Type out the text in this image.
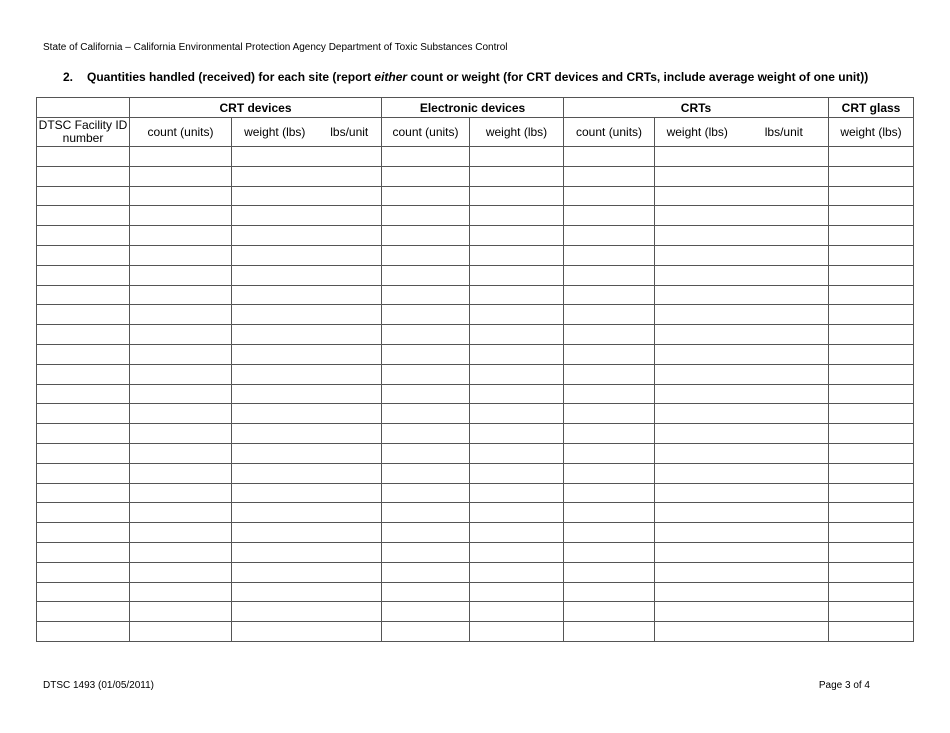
State of California – California Environmental Protection Agency Department of Toxic Substances Control
2. Quantities handled (received) for each site (report either count or weight (for CRT devices and CRTs, include average weight of one unit))
	CRT devices			Electronic devices		CRTs			CRT glass
DTSC Facility ID number	count (units)	weight (lbs)	lbs/unit	count (units)	weight (lbs)	count (units)	weight (lbs)	lbs/unit	weight (lbs)

DTSC 1493 (01/05/2011)	Page 3 of 4
